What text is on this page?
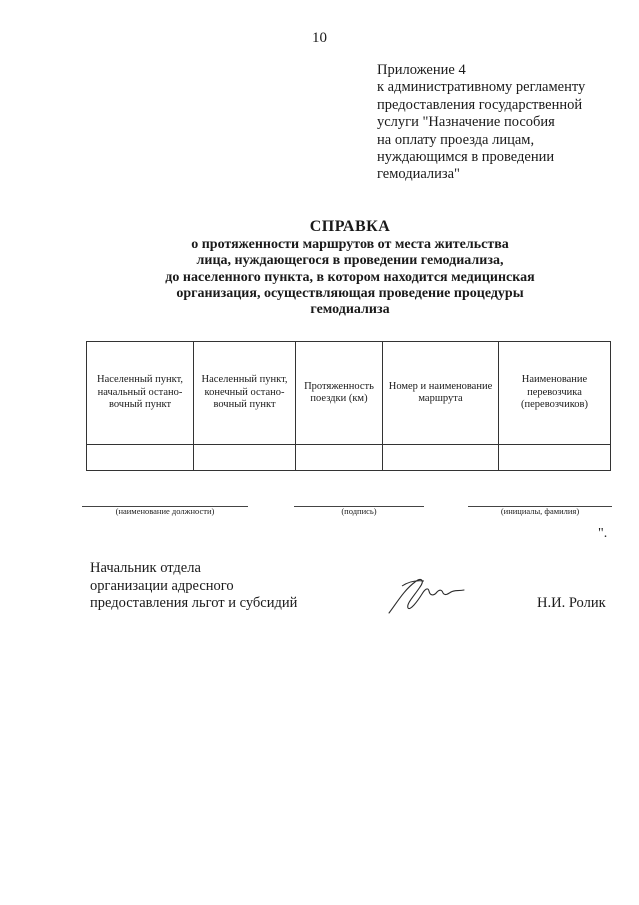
10
Приложение 4
к административному регламенту
предоставления государственной
услуги "Назначение пособия
на оплату проезда лицам,
нуждающимся в проведении
гемодиализа"
СПРАВКА
о протяженности маршрутов от места жительства
лица, нуждающегося в проведении гемодиализа,
до населенного пункта, в котором находится медицинская
организация, осуществляющая проведение процедуры
гемодиализа
Населенный пункт, начальный остано-вочный пункт	Населенный пункт, конечный остано-вочный пункт	Протяженность поездки (км)	Номер и наименование маршрута	Наименование перевозчика (перевозчиков)

(наименование должности)	(подпись)	(инициалы, фамилия)
".
Начальник отдела
организации адресного
предоставления льгот и субсидий	Н.И. Ролик
